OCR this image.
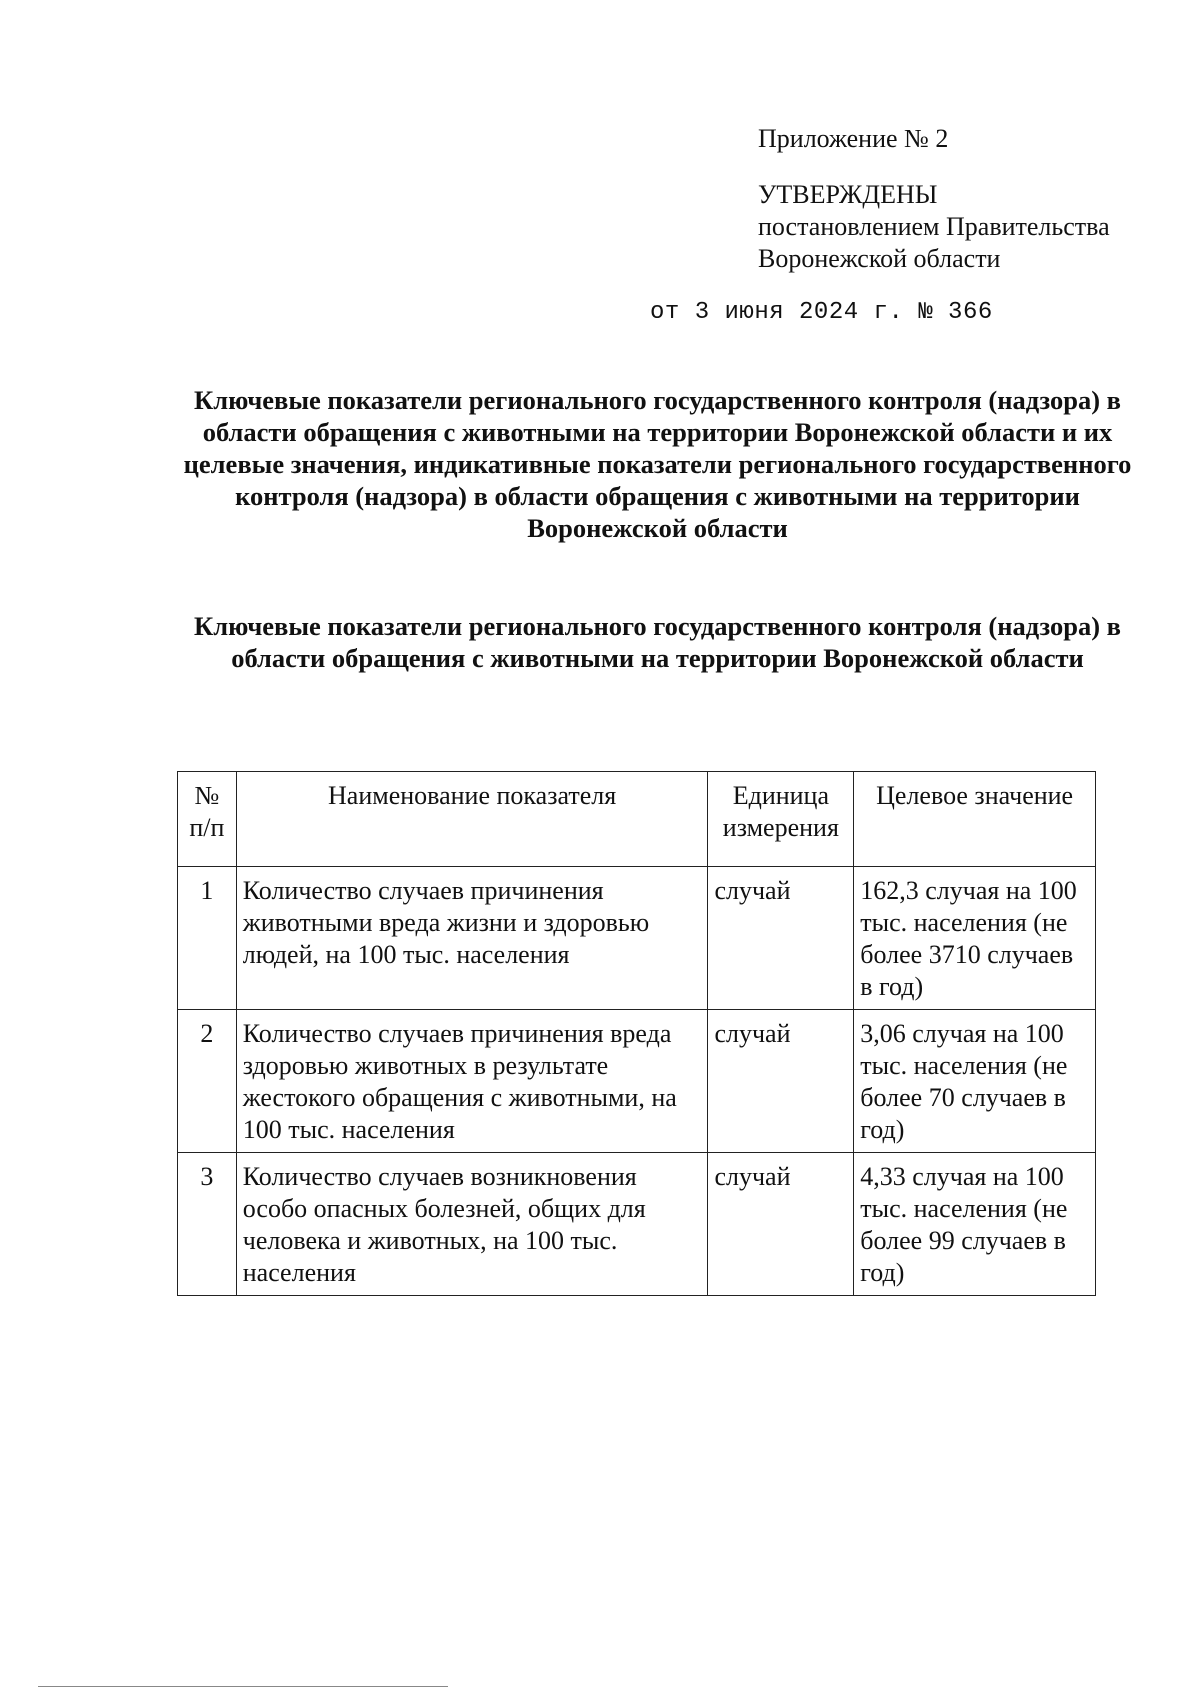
Приложение № 2
УТВЕРЖДЕНЫ
постановлением Правительства
Воронежской области
от 3 июня 2024 г. № 366
Ключевые показатели регионального государственного контроля (надзора) в области обращения с животными на территории Воронежской области и их целевые значения, индикативные показатели регионального государственного контроля (надзора) в области обращения с животными на территории Воронежской области
Ключевые показатели регионального государственного контроля (надзора) в области обращения с животными на территории Воронежской области
№ п/п	Наименование показателя	Единица измерения	Целевое значение
1	Количество случаев причинения животными вреда жизни и здоровью людей, на 100 тыс. населения	случай	162,3 случая на 100 тыс. населения (не более 3710 случаев в год)
2	Количество случаев причинения вреда здоровью животных в результате жестокого обращения с животными, на 100 тыс. населения	случай	3,06 случая на 100 тыс. населения (не более 70 случаев в год)
3	Количество случаев возникновения особо опасных болезней, общих для человека и животных, на 100 тыс. населения	случай	4,33 случая на 100 тыс. населения (не более 99 случаев в год)
